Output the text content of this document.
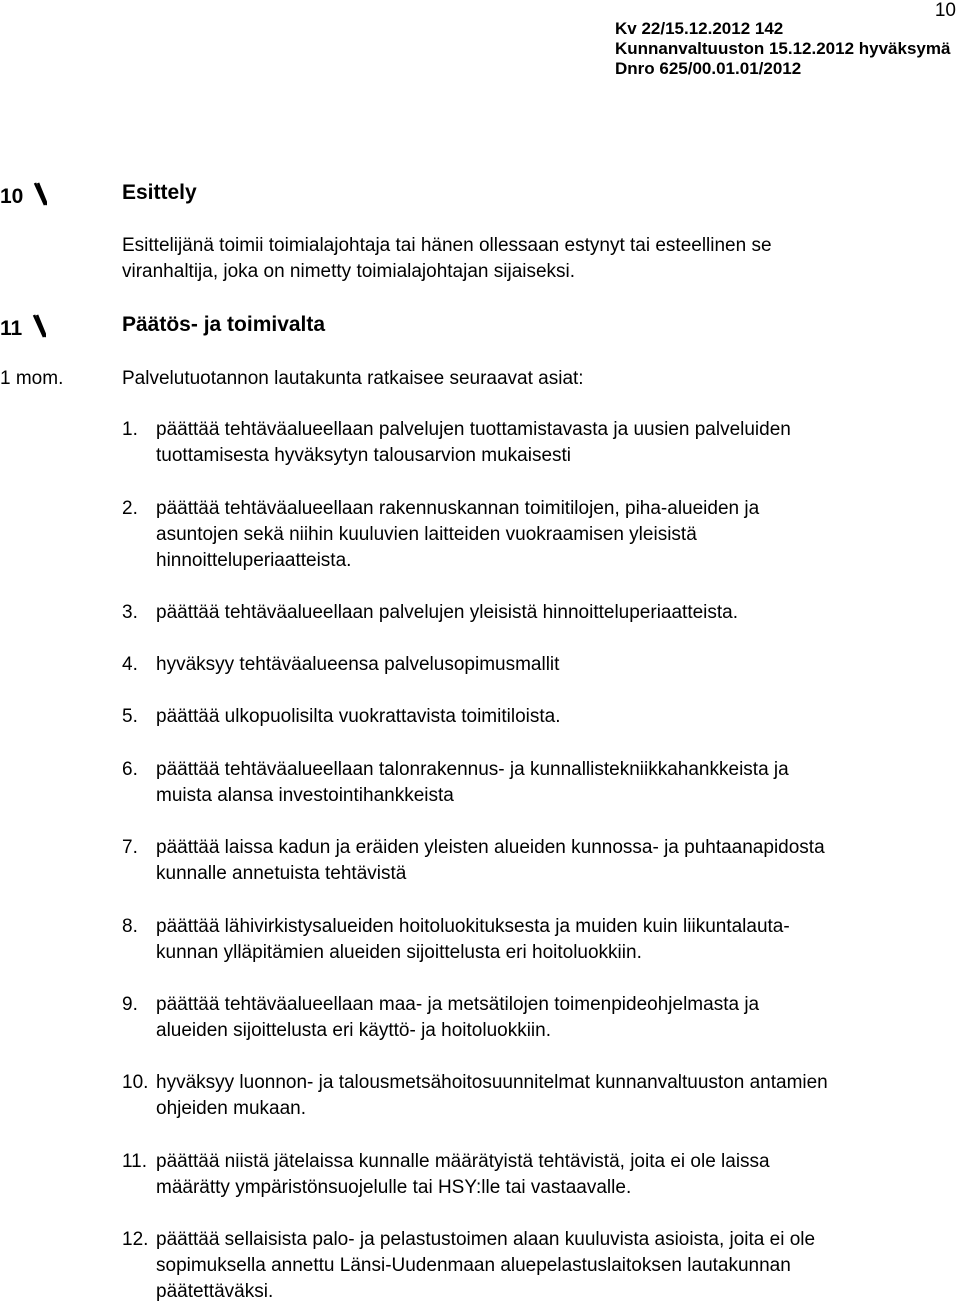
10
Kv 22/15.12.2012 142
Kunnanvaltuuston 15.12.2012 hyväksymä
Dnro 625/00.01.01/2012
10	Esittely
Esittelijänä toimii toimialajohtaja tai hänen ollessaan estynyt tai esteellinen se
viranhaltija, joka on nimetty toimialajohtajan sijaiseksi.
11	Päätös- ja toimivalta
1 mom.	Palvelutuotannon lautakunta ratkaisee seuraavat asiat:
1. päättää tehtäväalueellaan palvelujen tuottamistavasta ja uusien palveluiden
tuottamisesta hyväksytyn talousarvion mukaisesti
2. päättää tehtäväalueellaan rakennuskannan toimitilojen, piha-alueiden ja
asuntojen sekä niihin kuuluvien laitteiden vuokraamisen yleisistä
hinnoitteluperiaatteista.
3. päättää tehtäväalueellaan palvelujen yleisistä hinnoitteluperiaatteista.
4. hyväksyy tehtäväalueensa palvelusopimusmallit
5. päättää ulkopuolisilta vuokrattavista toimitiloista.
6. päättää tehtäväalueellaan talonrakennus- ja kunnallistekniikkahankkeista ja
muista alansa investointihankkeista
7. päättää laissa kadun ja eräiden yleisten alueiden kunnossa- ja puhtaanapidosta
kunnalle annetuista tehtävistä
8. päättää lähivirkistysalueiden hoitoluokituksesta ja muiden kuin liikuntalauta-
kunnan ylläpitämien alueiden sijoittelusta eri hoitoluokkiin.
9. päättää tehtäväalueellaan maa- ja metsätilojen toimenpideohjelmasta ja
alueiden sijoittelusta eri käyttö- ja hoitoluokkiin.
10. hyväksyy luonnon- ja talousmetsähoitosuunnitelmat kunnanvaltuuston antamien
ohjeiden mukaan.
11. päättää niistä jätelaissa kunnalle määrätyistä tehtävistä, joita ei ole laissa
määrätty ympäristönsuojelulle tai HSY:lle tai vastaavalle.
12. päättää sellaisista palo- ja pelastustoimen alaan kuuluvista asioista, joita ei ole
sopimuksella annettu Länsi-Uudenmaan aluepelastuslaitoksen lautakunnan
päätettäväksi.
